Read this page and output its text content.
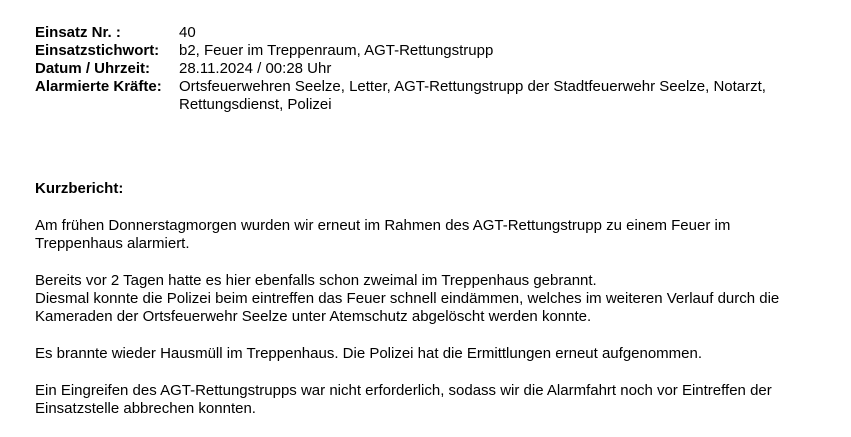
Einsatz Nr. :	40
Einsatzstichwort:	b2, Feuer im Treppenraum, AGT-Rettungstrupp
Datum / Uhrzeit:	28.11.2024 / 00:28 Uhr
Alarmierte Kräfte:	Ortsfeuerwehren Seelze, Letter, AGT-Rettungstrupp der Stadtfeuerwehr Seelze, Notarzt,
Rettungsdienst, Polizei
Kurzbericht:
Am frühen Donnerstagmorgen wurden wir erneut im Rahmen des AGT-Rettungstrupp zu einem Feuer im
Treppenhaus alarmiert.
Bereits vor 2 Tagen hatte es hier ebenfalls schon zweimal im Treppenhaus gebrannt.
Diesmal konnte die Polizei beim eintreffen das Feuer schnell eindämmen, welches im weiteren Verlauf durch die
Kameraden der Ortsfeuerwehr Seelze unter Atemschutz abgelöscht werden konnte.
Es brannte wieder Hausmüll im Treppenhaus. Die Polizei hat die Ermittlungen erneut aufgenommen.
Ein Eingreifen des AGT-Rettungstrupps war nicht erforderlich, sodass wir die Alarmfahrt noch vor Eintreffen der
Einsatzstelle abbrechen konnten.
